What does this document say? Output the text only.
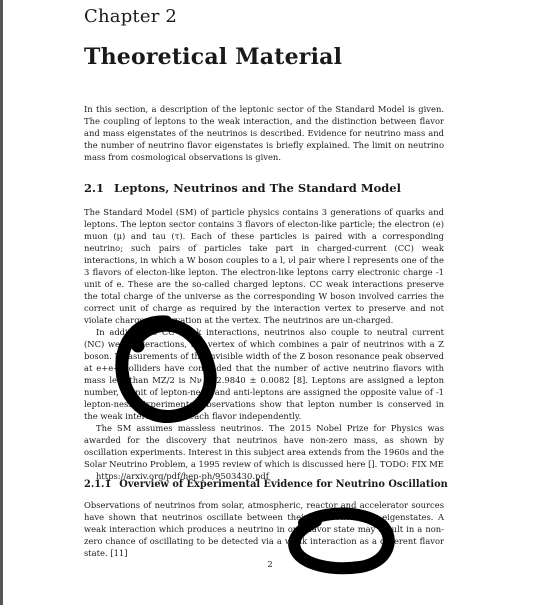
Chapter 2
Theoretical Material

In this section, a description of the leptonic sector of the Standard Model is given. The coupling of leptons to the weak interaction, and the distinction between flavor and mass eigenstates of the neutrinos is described. Evidence for neutrino mass and the number of neutrino flavor eigenstates is briefly explained. The limit on neutrino mass from cosmological observations is given.

2.1 Leptons, Neutrinos and The Standard Model

The Standard Model (SM) of particle physics contains 3 generations of quarks and leptons. The lepton sector contains 3 flavors of electon-like particle; the electron (e) muon (μ) and tau (τ). Each of these particles is paired with a corresponding neutrino; such pairs of particles take part in charged-current (CC) weak interactions, in which a W boson couples to a l, νl pair where l represents one of the 3 flavors of electon-like lepton. The electron-like leptons carry electronic charge -1 unit of e. These are the so-called charged leptons. CC weak interactions preserve the total charge of the universe as the corresponding W boson involved carries the correct unit of charge as required by the interaction vertex to preserve and not violate charge conservation at the vertex. The neutrinos are un-charged.

In addition to CC weak interactions, neutrinos also couple to neutral current (NC) weak interactions, the vertex of which combines a pair of neutrinos with a Z boson. Measurements of the invisible width of the Z boson resonance peak observed at e+e− colliders have concluded that the number of active neutrino flavors with mass less than MZ/2 is Nν = 2.9840 ± 0.0082 [8]. Leptons are assigned a lepton number, 1 unit of lepton-ness, and anti-leptons are assigned the opposite value of -1 lepton-ness. Experimental observations show that lepton number is conserved in the weak interaction for each flavor independently.

The SM assumes massless neutrinos. The 2015 Nobel Prize for Physics was awarded for the discovery that neutrinos have non-zero mass, as shown by oscillation experiments. Interest in this subject area extends from the 1960s and the Solar Neutrino Problem, a 1995 review of which is discussed here []. TODO: FIX ME

https://arxiv.org/pdf/hep-ph/9503430.pdf
2.1.1 Overview of Experimental Evidence for Neutrino Oscillation

Observations of neutrinos from solar, atmospheric, reactor and accelerator sources have shown that neutrinos oscillate between their different flavor eigenstates. A weak interaction which produces a neutrino in one flavor state may result in a non-zero chance of oscillating to be detected via a weak interaction as a different flavor state. [11]

2
